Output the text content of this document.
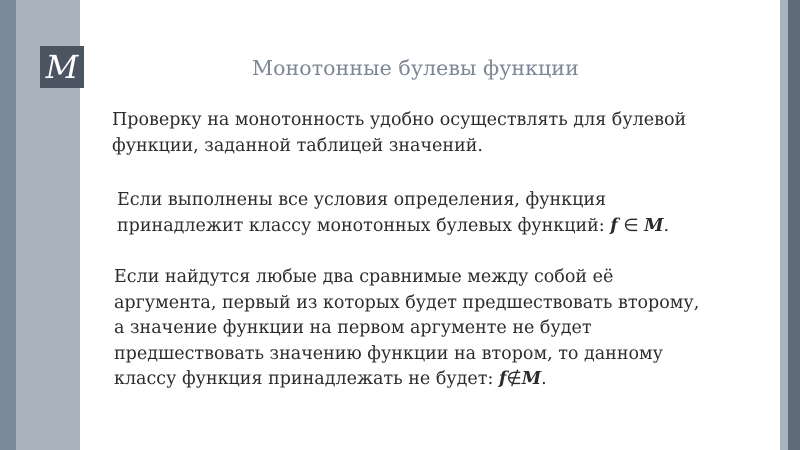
M	Монотонные булевы функции
Проверку на монотонность удобно осуществлять для булевой
функции, заданной таблицей значений.
Если выполнены все условия определения, функция
принадлежит классу монотонных булевых функций: f ∈ M.
Если найдутся любые два сравнимые между собой её
аргумента, первый из которых будет предшествовать второму,
а значение функции на первом аргументе не будет
предшествовать значению функции на втором, то данному
классу функция принадлежать не будет: f∉M.
